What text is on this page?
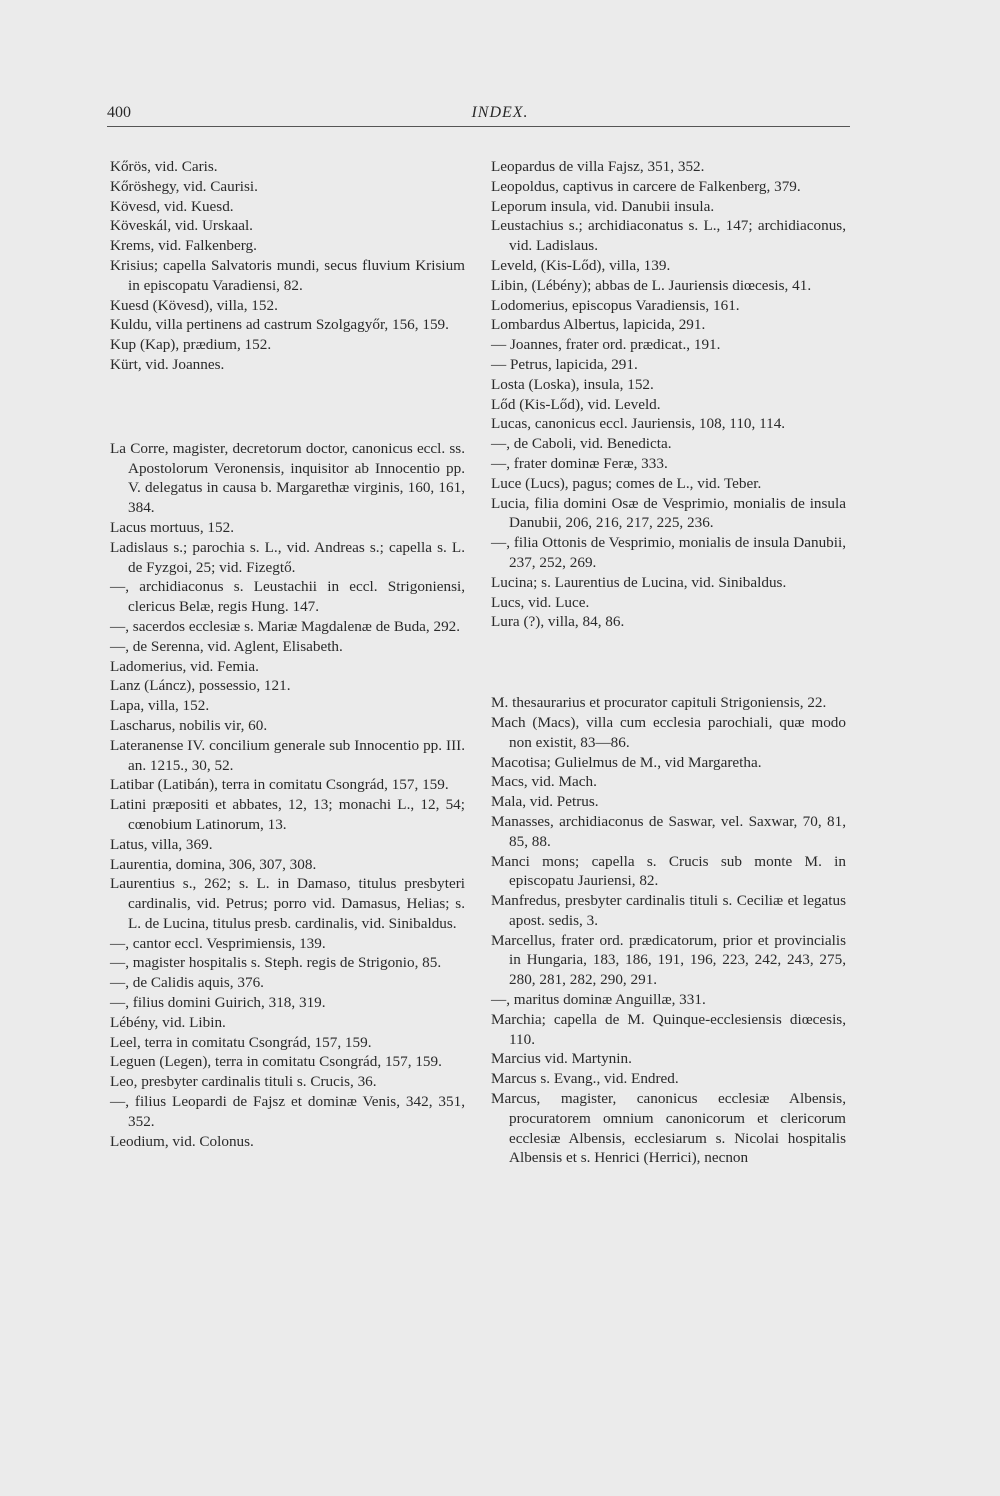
400	INDEX.

Kőrös, vid. Caris.

Kőröshegy, vid. Caurisi.

Kövesd, vid. Kuesd.

Köveskál, vid. Urskaal.

Krems, vid. Falkenberg.

Krisius; capella Salvatoris mundi, secus fluvium Krisium in episcopatu Varadiensi, 82.

Kuesd (Kövesd), villa, 152.

Kuldu, villa pertinens ad castrum Szolgagyőr, 156, 159.

Kup (Kap), prædium, 152.

Kürt, vid. Joannes.

La Corre, magister, decretorum doctor, canonicus eccl. ss. Apostolorum Veronensis, inquisitor ab Innocentio pp. V. delegatus in causa b. Margarethæ virginis, 160, 161, 384.

Lacus mortuus, 152.

Ladislaus s.; parochia s. L., vid. Andreas s.; capella s. L. de Fyzgoi, 25; vid. Fizegtő.

—, archidiaconus s. Leustachii in eccl. Strigoniensi, clericus Belæ, regis Hung. 147.

—, sacerdos ecclesiæ s. Mariæ Magdalenæ de Buda, 292.

—, de Serenna, vid. Aglent, Elisabeth.

Ladomerius, vid. Femia.

Lanz (Láncz), possessio, 121.

Lapa, villa, 152.

Lascharus, nobilis vir, 60.

Lateranense IV. concilium generale sub Innocentio pp. III. an. 1215., 30, 52.

Latibar (Latibán), terra in comitatu Csongrád, 157, 159.

Latini præpositi et abbates, 12, 13; monachi L., 12, 54; cœnobium Latinorum, 13.

Latus, villa, 369.

Laurentia, domina, 306, 307, 308.

Laurentius s., 262; s. L. in Damaso, titulus presbyteri cardinalis, vid. Petrus; porro vid. Damasus, Helias; s. L. de Lucina, titulus presb. cardinalis, vid. Sinibaldus.

—, cantor eccl. Vesprimiensis, 139.

—, magister hospitalis s. Steph. regis de Strigonio, 85.

—, de Calidis aquis, 376.

—, filius domini Guirich, 318, 319.

Lébény, vid. Libin.

Leel, terra in comitatu Csongrád, 157, 159.

Leguen (Legen), terra in comitatu Csongrád, 157, 159.

Leo, presbyter cardinalis tituli s. Crucis, 36.

—, filius Leopardi de Fajsz et dominæ Venis, 342, 351, 352.

Leodium, vid. Colonus.

Leopardus de villa Fajsz, 351, 352.

Leopoldus, captivus in carcere de Falkenberg, 379.

Leporum insula, vid. Danubii insula.

Leustachius s.; archidiaconatus s. L., 147; archidiaconus, vid. Ladislaus.

Leveld, (Kis-Lőd), villa, 139.

Libin, (Lébény); abbas de L. Jauriensis diœcesis, 41.

Lodomerius, episcopus Varadiensis, 161.

Lombardus Albertus, lapicida, 291.

— Joannes, frater ord. prædicat., 191.

— Petrus, lapicida, 291.

Losta (Loska), insula, 152.

Lőd (Kis-Lőd), vid. Leveld.

Lucas, canonicus eccl. Jauriensis, 108, 110, 114.

—, de Caboli, vid. Benedicta.

—, frater dominæ Feræ, 333.

Luce (Lucs), pagus; comes de L., vid. Teber.

Lucia, filia domini Osæ de Vesprimio, monialis de insula Danubii, 206, 216, 217, 225, 236.

—, filia Ottonis de Vesprimio, monialis de insula Danubii, 237, 252, 269.

Lucina; s. Laurentius de Lucina, vid. Sinibaldus.

Lucs, vid. Luce.

Lura (?), villa, 84, 86.

M. thesaurarius et procurator capituli Strigoniensis, 22.

Mach (Macs), villa cum ecclesia parochiali, quæ modo non existit, 83—86.

Macotisa; Gulielmus de M., vid Margaretha.

Macs, vid. Mach.

Mala, vid. Petrus.

Manasses, archidiaconus de Saswar, vel. Saxwar, 70, 81, 85, 88.

Manci mons; capella s. Crucis sub monte M. in episcopatu Jauriensi, 82.

Manfredus, presbyter cardinalis tituli s. Ceciliæ et legatus apost. sedis, 3.

Marcellus, frater ord. prædicatorum, prior et provincialis in Hungaria, 183, 186, 191, 196, 223, 242, 243, 275, 280, 281, 282, 290, 291.

—, maritus dominæ Anguillæ, 331.

Marchia; capella de M. Quinque-ecclesiensis diœcesis, 110.

Marcius vid. Martynin.

Marcus s. Evang., vid. Endred.

Marcus, magister, canonicus ecclesiæ Albensis, procuratorem omnium canonicorum et clericorum ecclesiæ Albensis, ecclesiarum s. Nicolai hospitalis Albensis et s. Henrici (Herrici), necnon
